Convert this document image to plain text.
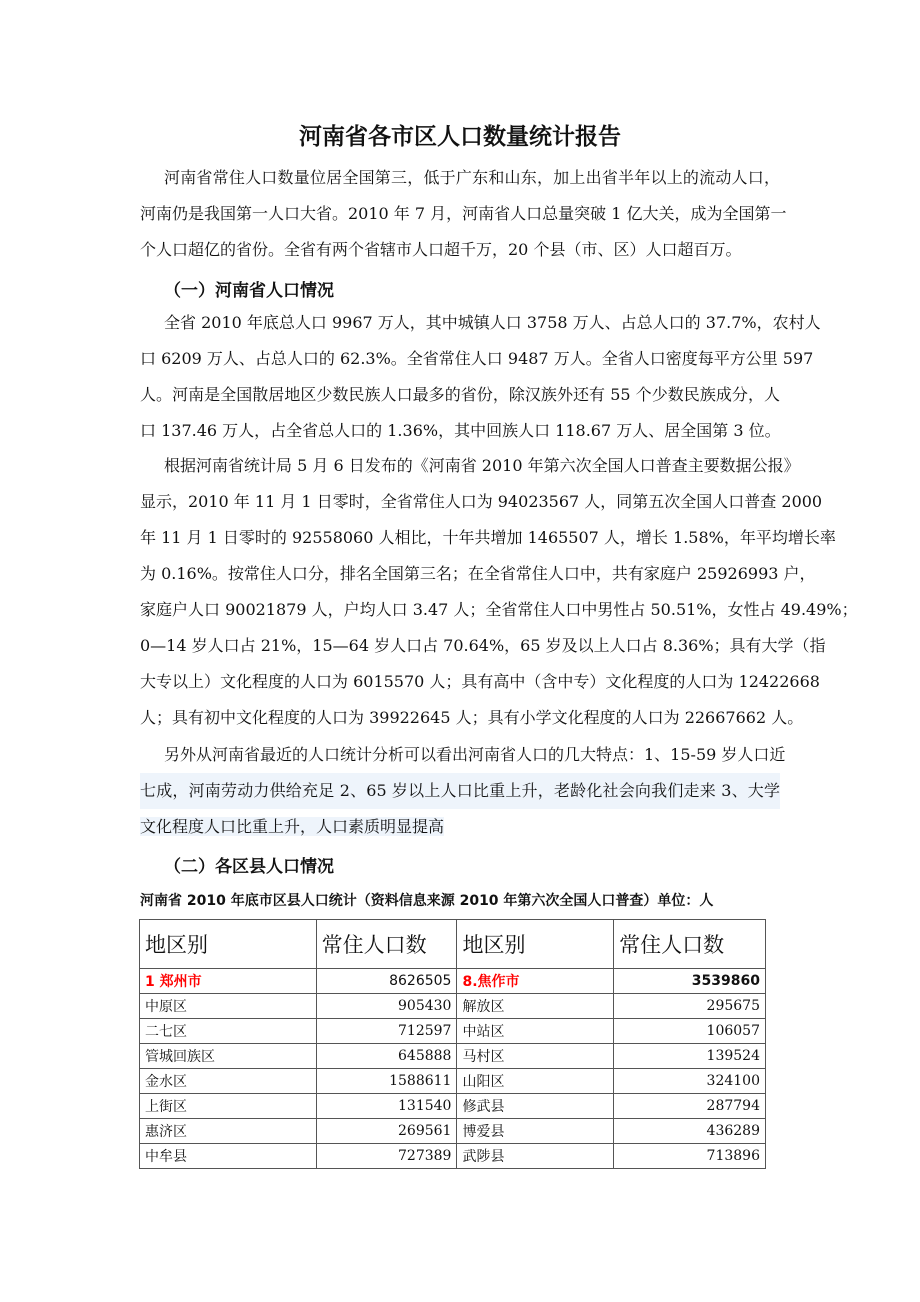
河南省各市区人口数量统计报告
河南省常住人口数量位居全国第三，低于广东和山东，加上出省半年以上的流动人口，
河南仍是我国第一人口大省。2010 年 7 月，河南省人口总量突破 1 亿大关，成为全国第一
个人口超亿的省份。全省有两个省辖市人口超千万，20 个县（市、区）人口超百万。
（一）河南省人口情况
全省 2010 年底总人口 9967 万人，其中城镇人口 3758 万人、占总人口的 37.7%，农村人
口 6209 万人、占总人口的 62.3%。全省常住人口 9487 万人。全省人口密度每平方公里 597
人。河南是全国散居地区少数民族人口最多的省份，除汉族外还有 55 个少数民族成分，人
口 137.46 万人，占全省总人口的 1.36%，其中回族人口 118.67 万人、居全国第 3 位。
根据河南省统计局 5 月 6 日发布的《河南省 2010 年第六次全国人口普查主要数据公报》
显示，2010 年 11 月 1 日零时，全省常住人口为 94023567 人，同第五次全国人口普查 2000
年 11 月 1 日零时的 92558060 人相比，十年共增加 1465507 人，增长 1.58%，年平均增长率
为 0.16%。按常住人口分，排名全国第三名；在全省常住人口中，共有家庭户 25926993 户，
家庭户人口 90021879 人，户均人口 3.47 人；全省常住人口中男性占 50.51%，女性占 49.49%；
0—14 岁人口占 21%，15—64 岁人口占 70.64%，65 岁及以上人口占 8.36%；具有大学（指
大专以上）文化程度的人口为 6015570 人；具有高中（含中专）文化程度的人口为 12422668
人；具有初中文化程度的人口为 39922645 人；具有小学文化程度的人口为 22667662 人。
另外从河南省最近的人口统计分析可以看出河南省人口的几大特点：1、15-59 岁人口近
七成，河南劳动力供给充足 2、65 岁以上人口比重上升，老龄化社会向我们走来 3、大学
文化程度人口比重上升，人口素质明显提高
（二）各区县人口情况
河南省 2010 年底市区县人口统计（资料信息来源 2010 年第六次全国人口普查）单位：人
地区别	常住人口数	地区别	常住人口数
1 郑州市	8626505	8.焦作市	3539860
中原区	905430	解放区	295675
二七区	712597	中站区	106057
管城回族区	645888	马村区	139524
金水区	1588611	山阳区	324100
上街区	131540	修武县	287794
惠济区	269561	博爱县	436289
中牟县	727389	武陟县	713896
